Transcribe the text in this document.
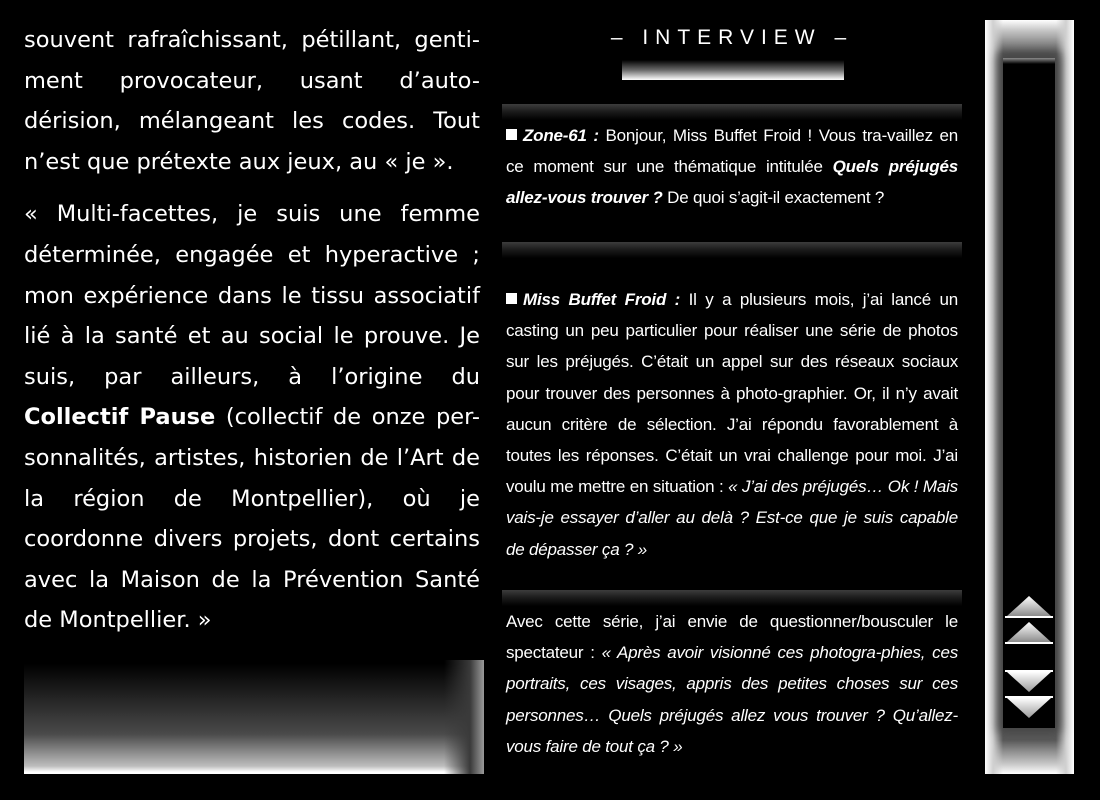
souvent rafraîchissant, pétillant, genti- ment provocateur, usant d’auto-dérision, mélangeant les codes. Tout n’est que prétexte aux jeux, au « je ».

« Multi-facettes, je suis une femme déterminée, engagée et hyperactive ; mon expérience dans le tissu associatif lié à la santé et au social le prouve. Je suis, par ailleurs, à l’origine du Collectif Pause (collectif de onze per-sonnalités, artistes, historien de l’Art de la région de Montpellier), où je coordonne divers projets, dont certains avec la Maison de la Prévention Santé de Montpellier. »

– INTERVIEW –
Zone-61 : Bonjour, Miss Buffet Froid ! Vous tra-vaillez en ce moment sur une thématique intitulée Quels préjugés allez-vous trouver ? De quoi s’agit-il exactement ?
Miss Buffet Froid : Il y a plusieurs mois, j’ai lancé un casting un peu particulier pour réaliser une série de photos sur les préjugés. C’était un appel sur des réseaux sociaux pour trouver des personnes à photo-graphier. Or, il n’y avait aucun critère de sélection. J’ai répondu favorablement à toutes les réponses. C’était un vrai challenge pour moi. J’ai voulu me mettre en situation : « J’ai des préjugés… Ok ! Mais vais-je essayer d’aller au delà ? Est-ce que je suis capable de dépasser ça ? »
Avec cette série, j’ai envie de questionner/bousculer le spectateur : « Après avoir visionné ces photogra-phies, ces portraits, ces visages, appris des petites choses sur ces personnes… Quels préjugés allez vous trouver ? Qu’allez-vous faire de tout ça ? »
